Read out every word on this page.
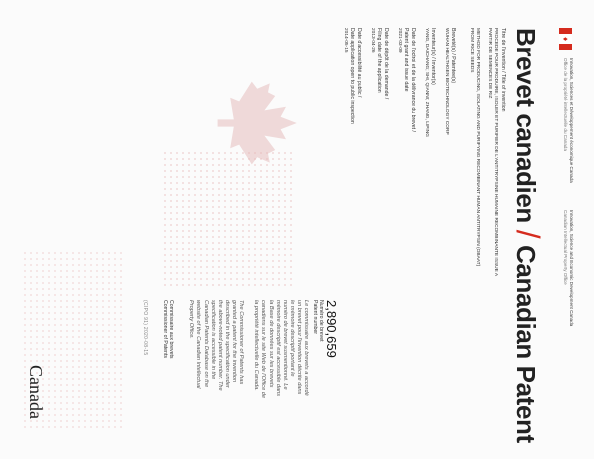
♦
Innovation, Sciences et Développement économique Canada
Office de la propriété intellectuelle du Canada
Innovation, Science and Economic Development Canada
Canadian Intellectual Property Office
Brevet canadien / Canadian Patent
Titre de l'invention / Title of invention
PROCEDE POUR PRODUIRE, ISOLER ET PURIFIER DE L'ANTITRYPSINE HUMAINE RECOMBINANTE ISSUE A PARTIR DE SEMENCES DE RIZ
METHOD FOR PRODUCING, ISOLATING AND PURIFYING RECOMBINANT HUMAN ANTITRYPSIN (OBAAT) FROM RICE SEEDS
Breveté(s) / Patentee(s)
WUHAN HEALTHGEN BIOTECHNOLOGY CORP
Inventeur(s) / Inventor(s)
YANG, DAICHANG; SHI, QIANNI; ZHANG, LIPING
Date de l'octroi et de la délivrance du brevet /
Patent grant and issue date
2021-03-09
Date de dépôt de la demande /
Filing date of the application
2013-04-26
Date d'accessibilité au public /
Date application open to public inspection
2014-05-15
2,890,659
Numéro de brevet
Patent number
Le commissaire aux brevets a accordé
un brevet pour l'invention décrite dans
le mémoire descriptif portant le
numéro de brevet susmentionné. Le
mémoire descriptif est accessible dans
la Base de données sur les brevets
canadiens sur le site Web de l'Office de
la propriété intellectuelle du Canada.
The Commissioner of Patents has
granted a patent for the invention
described in the specification under
the above-noted patent number. The
specification is accessible in the
Canadian Patents Database on the
website of the Canadian Intellectual
Property Office.
Commissaire aux brevets
Commissioner of Patents
(CIPO 91) 2020-08-15
Canada
